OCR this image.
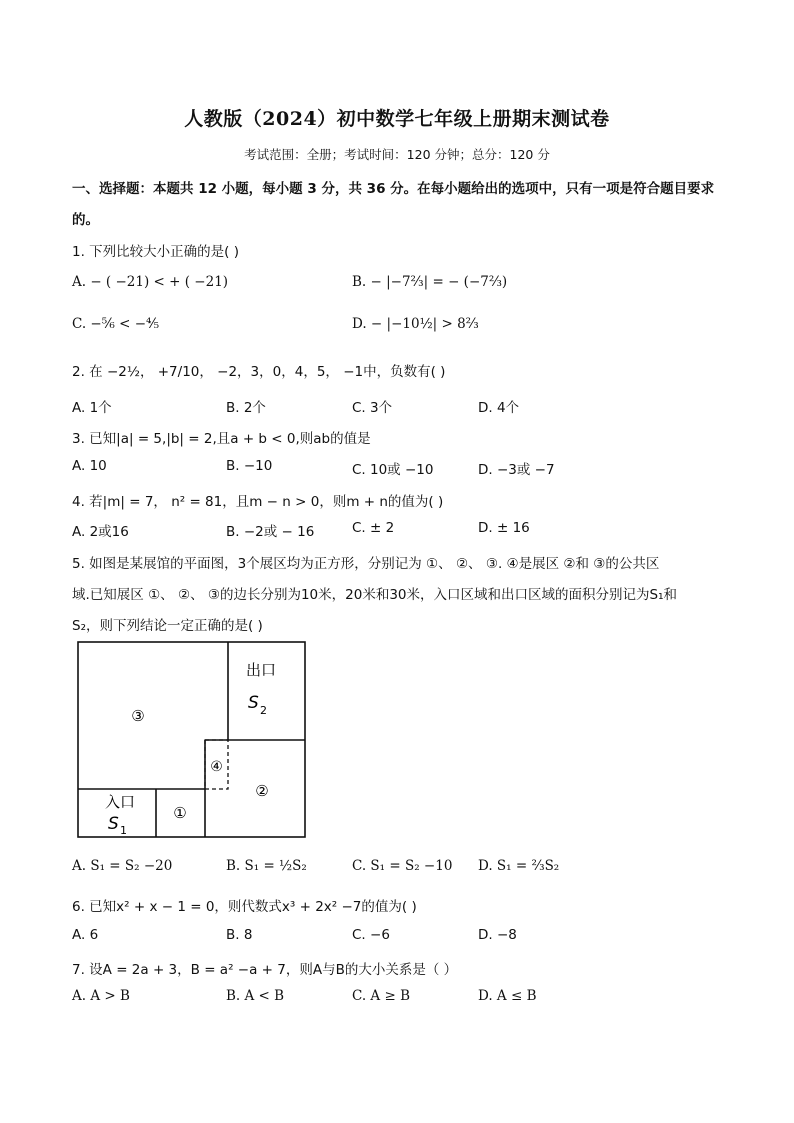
人教版（2024）初中数学七年级上册期末测试卷
考试范围：全册；考试时间：120 分钟；总分：120 分
一、选择题：本题共 12 小题，每小题 3 分，共 36 分。在每小题给出的选项中，只有一项是符合题目要求
的。
1. 下列比较大小正确的是( )
A. − ( −21) < + ( −21)	B. − |−7⅔| = − (−7⅔)
C. −⅚ < −⅘	D. − |−10½| > 8⅔
2. 在 −2½， +7/10， −2，3，0，4，5， −1中，负数有( )
A. 1个	B. 2个	C. 3个	D. 4个
3. 已知|a| = 5,|b| = 2,且a + b < 0,则ab的值是
A. 10	B. −10	C. 10或 −10	D. −3或 −7
4. 若|m| = 7， n² = 81，且m − n > 0，则m + n的值为( )
A. 2或16	B. −2或 − 16	C. ± 2	D. ± 16
5. 如图是某展馆的平面图，3个展区均为正方形，分别记为 ①、 ②、 ③. ④是展区 ②和 ③的公共区
域.已知展区 ①、 ②、 ③的边长分别为10米，20米和30米，入口区域和出口区域的面积分别记为S₁和
S₂，则下列结论一定正确的是( )
③
②
①
④
出口
S 2
入口
S 1
A. S₁ = S₂ −20	B. S₁ = ½S₂	C. S₁ = S₂ −10 D. S₁ = ⅔S₂
6. 已知x² + x − 1 = 0，则代数式x³ + 2x² −7的值为( )
A. 6	B. 8	C. −6	D. −8
7. 设A = 2a + 3，B = a² −a + 7，则A与B的大小关系是（ ）
A. A > B	B. A < B	C. A ≥ B	D. A ≤ B
